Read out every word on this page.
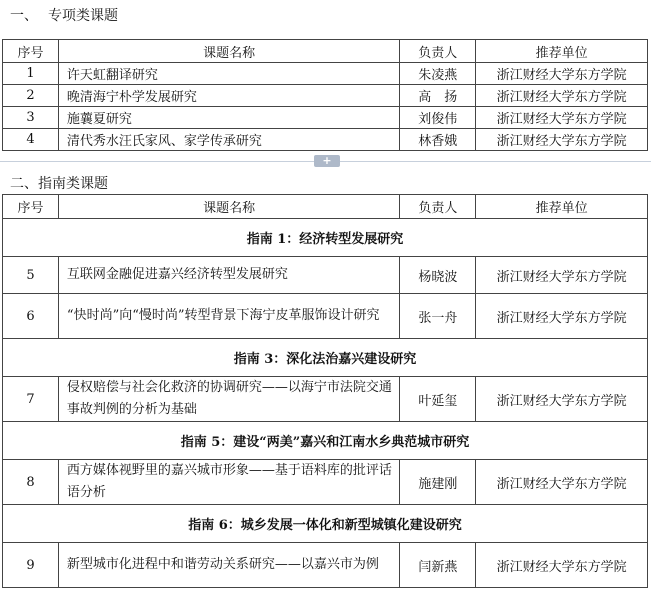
一、 专项类课题
序号	课题名称	负责人	推荐单位
1	许天虹翻译研究	朱凌燕	浙江财经大学东方学院
2	晚清海宁朴学发展研究	高　扬	浙江财经大学东方学院
3	施蘘夏研究	刘俊伟	浙江财经大学东方学院
4	清代秀水汪氏家风、家学传承研究	林香娥	浙江财经大学东方学院
+
二、指南类课题
序号	课题名称	负责人	推荐单位
指南 1：经济转型发展研究			
5	互联网金融促进嘉兴经济转型发展研究	杨晓波	浙江财经大学东方学院
6	“快时尚”向“慢时尚”转型背景下海宁皮革服饰设计研究	张一舟	浙江财经大学东方学院
指南 3：深化法治嘉兴建设研究			
7	侵权赔偿与社会化救济的协调研究——以海宁市法院交通事故判例的分析为基础	叶延玺	浙江财经大学东方学院
指南 5：建设“两美”嘉兴和江南水乡典范城市研究			
8	西方媒体视野里的嘉兴城市形象——基于语料库的批评话语分析	施建刚	浙江财经大学东方学院
指南 6：城乡发展一体化和新型城镇化建设研究			
9	新型城市化进程中和谐劳动关系研究——以嘉兴市为例	闫新燕	浙江财经大学东方学院
